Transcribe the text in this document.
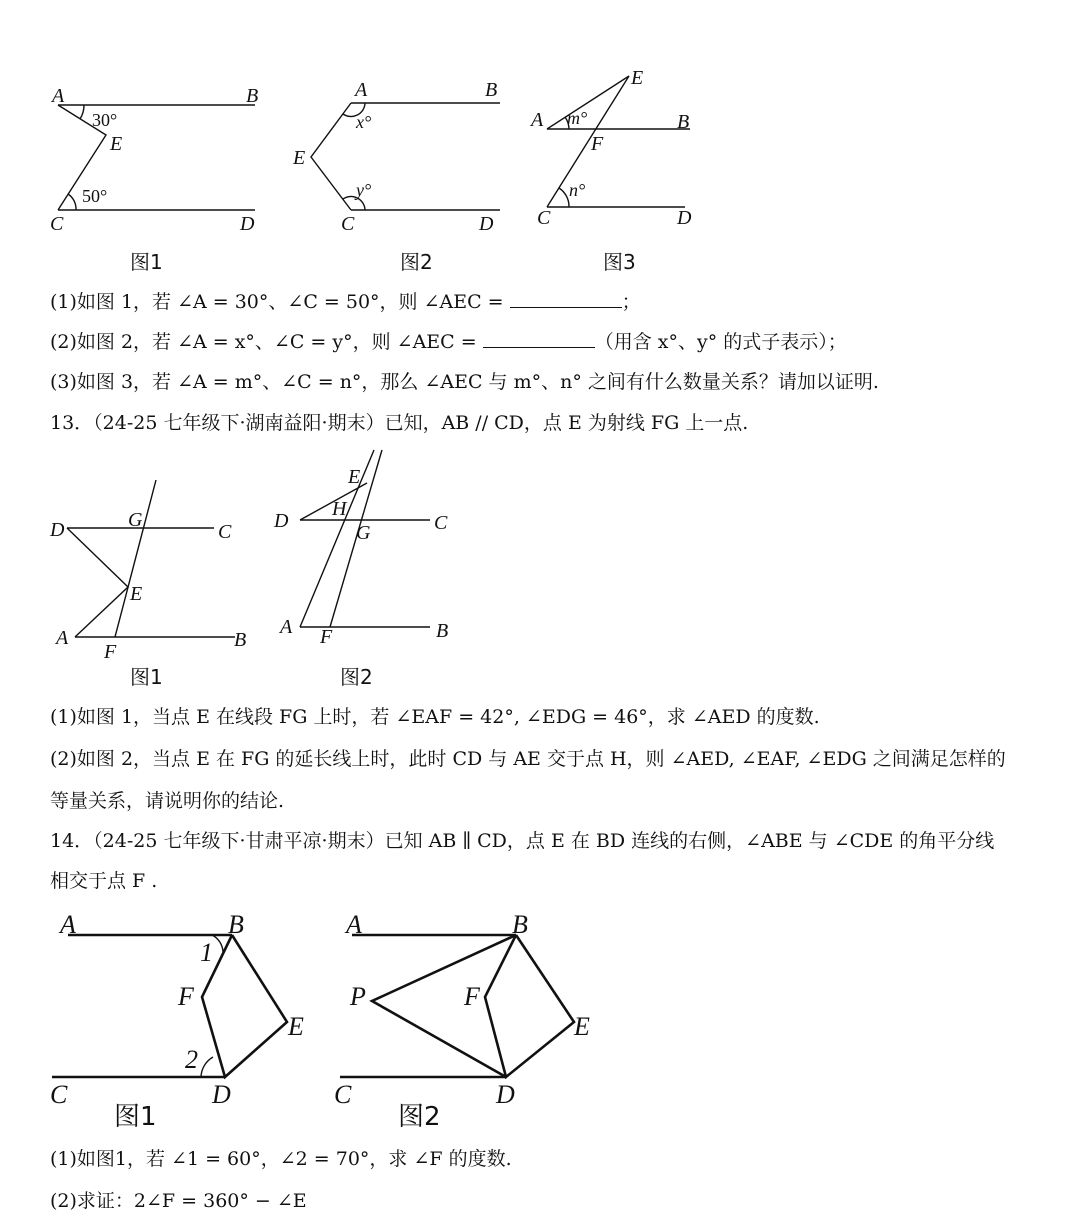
A	B
C	D
E
30°
50°
图1
A	B
E
C	D
x°
y°
图2
E
A	B
F
C	D
m°
n°
图3
(1)如图 1，若 ∠A = 30°、∠C = 50°，则 ∠AEC =	；
(2)如图 2，若 ∠A = x°、∠C = y°，则 ∠AEC =	（用含 x°、y° 的式子表示）；
(3)如图 3，若 ∠A = m°、∠C = n°，那么 ∠AEC 与 m°、n° 之间有什么数量关系？请加以证明.
13．（24-25 七年级下·湖南益阳·期末）已知，AB // CD，点 E 为射线 FG 上一点.
D	G
C
E
A
F
B
图1
D
E
H
G	C
A F	B
图2
(1)如图 1，当点 E 在线段 FG 上时，若 ∠EAF = 42°, ∠EDG = 46°，求 ∠AED 的度数.
(2)如图 2，当点 E 在 FG 的延长线上时，此时 CD 与 AE 交于点 H，则 ∠AED, ∠EAF, ∠EDG 之间满足怎样的
等量关系，请说明你的结论.
14．（24-25 七年级下·甘肃平凉·期末）已知 AB ∥ CD，点 E 在 BD 连线的右侧，∠ABE 与 ∠CDE 的角平分线
相交于点 F .
A	B
1
F
E
2
C	D
图1
A	B
P	F
E
C	D
图2
(1)如图1，若 ∠1 = 60°，∠2 = 70°，求 ∠F 的度数.
(2)求证：2∠F = 360° − ∠E
